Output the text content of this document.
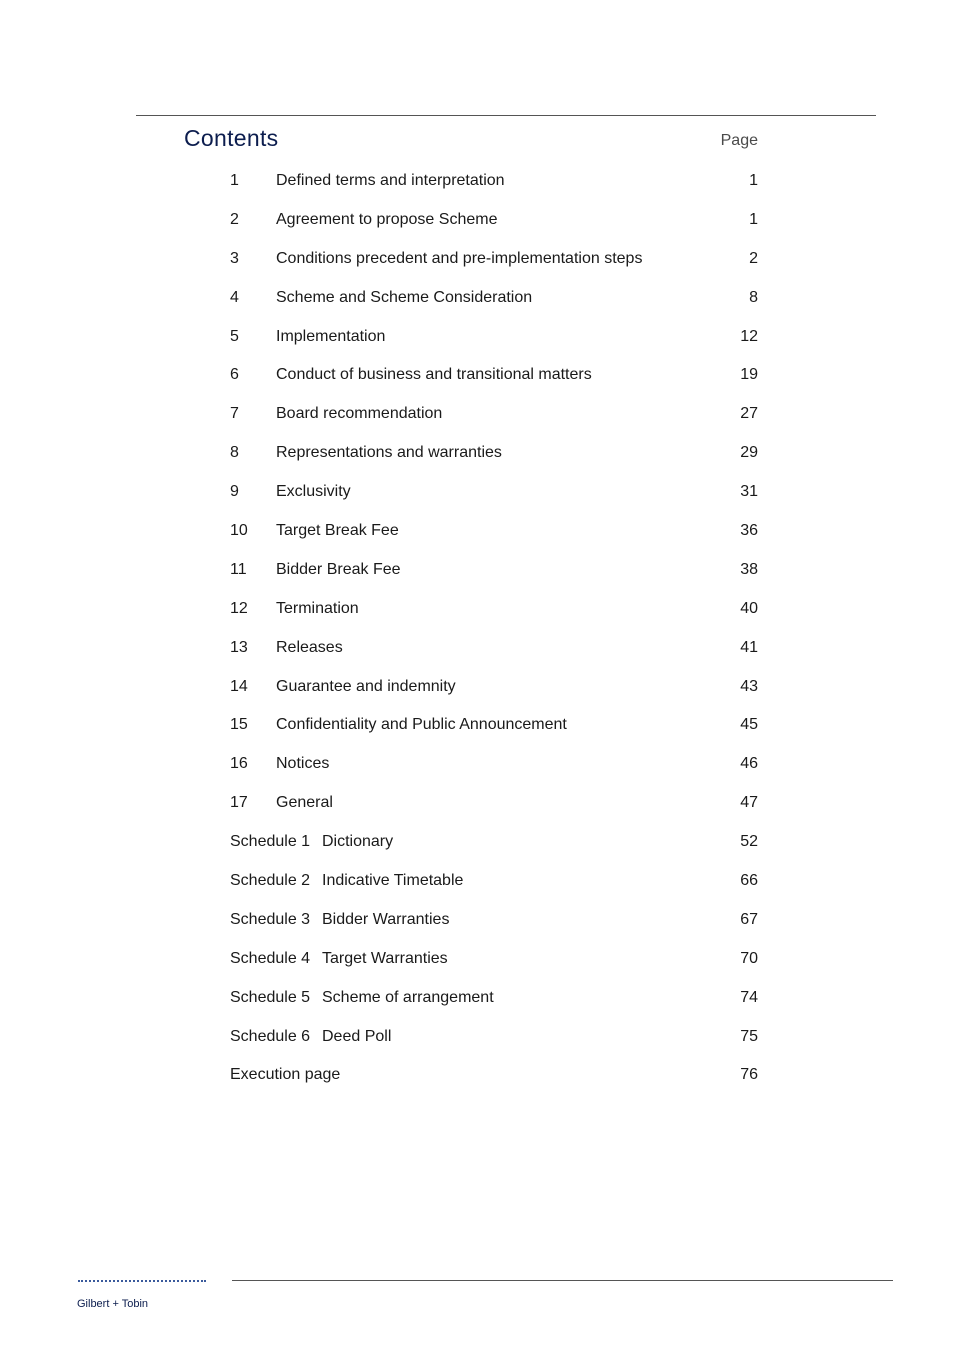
Contents	Page
1 Defined terms and interpretation	1
2 Agreement to propose Scheme	1
3 Conditions precedent and pre-implementation steps	2
4 Scheme and Scheme Consideration	8
5 Implementation	12
6 Conduct of business and transitional matters	19
7 Board recommendation	27
8 Representations and warranties	29
9 Exclusivity	31
10 Target Break Fee	36
11 Bidder Break Fee	38
12 Termination	40
13 Releases	41
14 Guarantee and indemnity	43
15 Confidentiality and Public Announcement	45
16 Notices	46
17 General	47
Schedule 1 Dictionary	52
Schedule 2 Indicative Timetable	66
Schedule 3 Bidder Warranties	67
Schedule 4 Target Warranties	70
Schedule 5 Scheme of arrangement	74
Schedule 6 Deed Poll	75
Execution page	76
Gilbert + Tobin
